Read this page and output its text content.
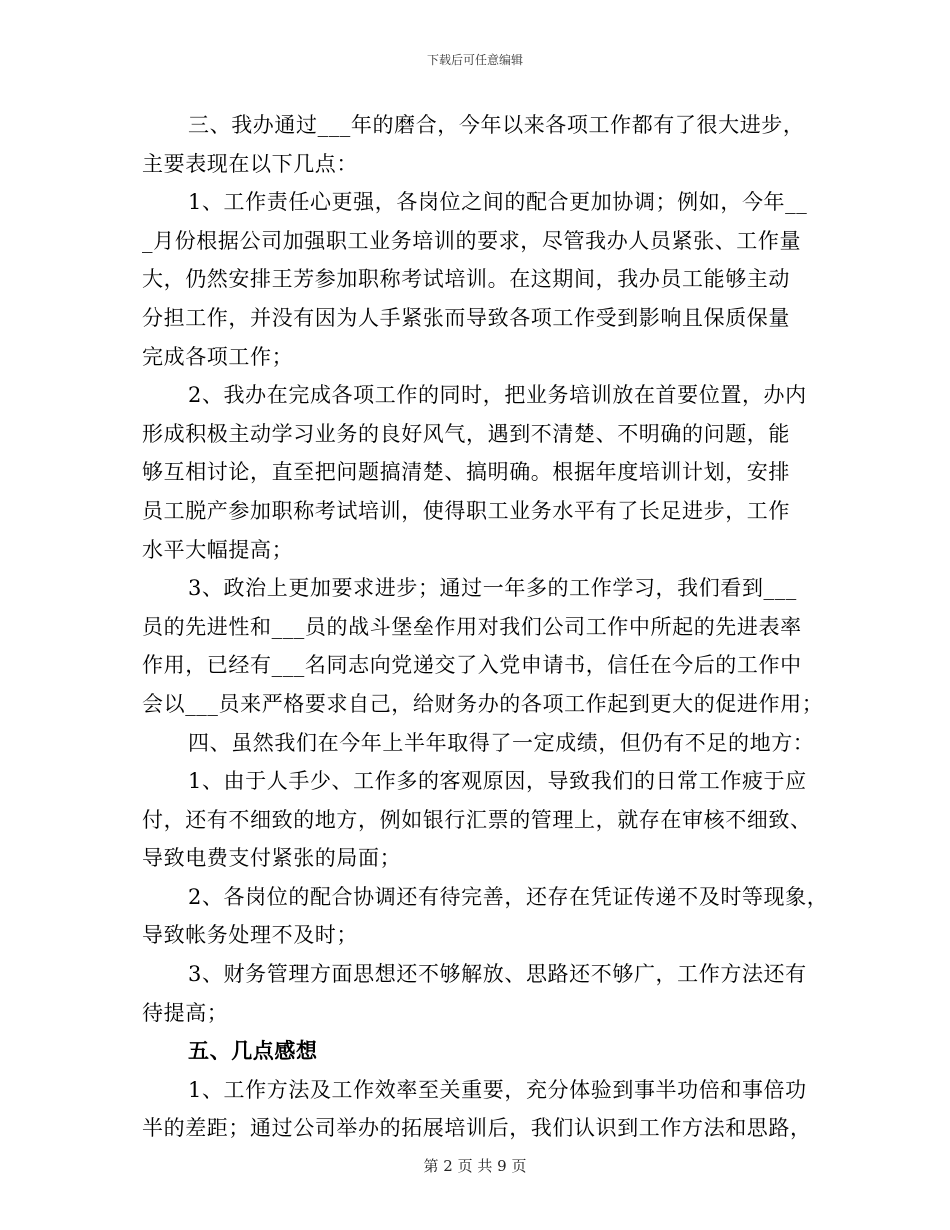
下载后可任意编辑
三、我办通过___年的磨合，今年以来各项工作都有了很大进步，
主要表现在以下几点：
1、工作责任心更强，各岗位之间的配合更加协调；例如，今年__
_月份根据公司加强职工业务培训的要求，尽管我办人员紧张、工作量
大，仍然安排王芳参加职称考试培训。在这期间，我办员工能够主动
分担工作，并没有因为人手紧张而导致各项工作受到影响且保质保量
完成各项工作；
2、我办在完成各项工作的同时，把业务培训放在首要位置，办内
形成积极主动学习业务的良好风气，遇到不清楚、不明确的问题，能
够互相讨论，直至把问题搞清楚、搞明确。根据年度培训计划，安排
员工脱产参加职称考试培训，使得职工业务水平有了长足进步，工作
水平大幅提高；
3、政治上更加要求进步；通过一年多的工作学习，我们看到___
员的先进性和___员的战斗堡垒作用对我们公司工作中所起的先进表率
作用，已经有___名同志向党递交了入党申请书，信任在今后的工作中
会以___员来严格要求自己，给财务办的各项工作起到更大的促进作用；
四、虽然我们在今年上半年取得了一定成绩，但仍有不足的地方：
1、由于人手少、工作多的客观原因，导致我们的日常工作疲于应
付，还有不细致的地方，例如银行汇票的管理上，就存在审核不细致、
导致电费支付紧张的局面；
2、各岗位的配合协调还有待完善，还存在凭证传递不及时等现象，
导致帐务处理不及时；
3、财务管理方面思想还不够解放、思路还不够广，工作方法还有
待提高；
五、几点感想
1、工作方法及工作效率至关重要，充分体验到事半功倍和事倍功
半的差距；通过公司举办的拓展培训后，我们认识到工作方法和思路，
第 2 页 共 9 页
